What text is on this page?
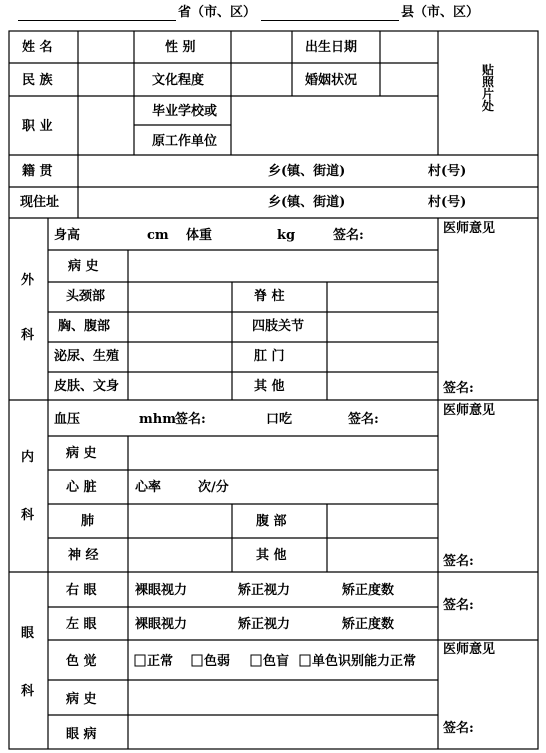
省（市、区）	县（市、区）
姓 名	性 别	出生日期
民 族	文化程度	婚姻状况
职 业
毕业学校或
原工作单位
贴照片处
籍 贯	乡(镇、街道)	村(号)
现住址	乡(镇、街道)	村(号)
外
科
身高	cm 体重	kg	签名:
病 史
头颈部	脊 柱
胸、腹部	四肢关节
泌尿、生殖	肛 门
皮肤、文身	其 他
医师意见
签名:
内
科
血压	mhm 签名:	口吃	签名:
病 史
心 脏	心率	次/分
肺	腹 部
神 经	其 他
医师意见
签名:
眼
科
右 眼	裸眼视力	矫正视力	矫正度数
左 眼	裸眼视力	矫正视力	矫正度数
签名:
色 觉	正常 色弱	色盲 单色识别能力正常
病 史
眼 病
医师意见
签名:
